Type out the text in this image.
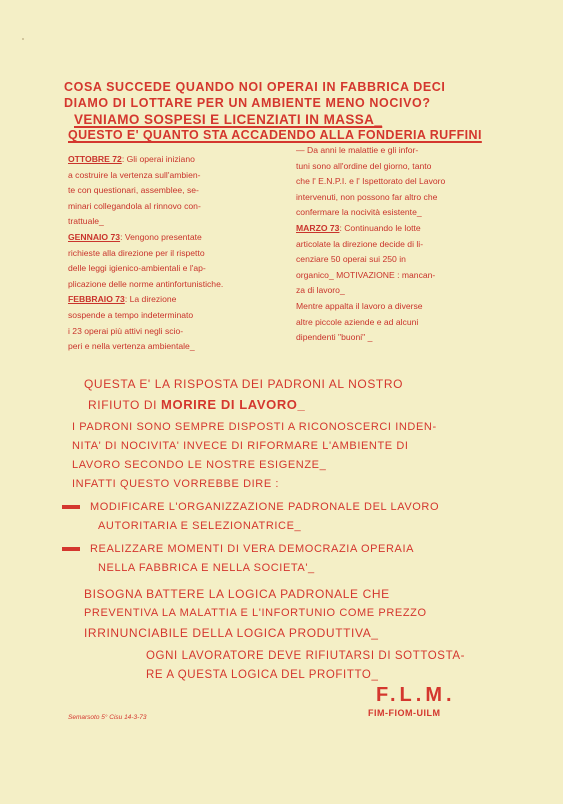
COSA SUCCEDE QUANDO NOI OPERAI IN FABBRICA DECI
DIAMO DI LOTTARE PER UN AMBIENTE MENO NOCIVO?
VENIAMO SOSPESI E LICENZIATI IN MASSA_
QUESTO E' QUANTO STA ACCADENDO ALLA FONDERIA RUFFINI
OTTOBRE 72: Gli operai iniziano
a costruire la vertenza sull'ambien-
te con questionari, assemblee, se-
minari collegandola al rinnovo con-
trattuale_
GENNAIO 73: Vengono presentate
richieste alla direzione per il rispetto
delle leggi igienico-ambientali e l'ap-
plicazione delle norme antinfortunistiche.
FEBBRAIO 73: La direzione
sospende a tempo indeterminato
i 23 operai più attivi negli scio-
peri e nella vertenza ambientale_
— Da anni le malattie e gli infor-
tuni sono all'ordine del giorno, tanto
che l' E.N.P.I. e l' Ispettorato del Lavoro
intervenuti, non possono far altro che
confermare la nocività esistente_
MARZO 73: Continuando le lotte
articolate la direzione decide di li-
cenziare 50 operai sui 250 in
organico_ MOTIVAZIONE : mancan-
za di lavoro_
Mentre appalta il lavoro a diverse
altre piccole aziende e ad alcuni
dipendenti "buoni" _
QUESTA E' LA RISPOSTA DEI PADRONI AL NOSTRO
RIFIUTO DI MORIRE DI LAVORO_
I PADRONI SONO SEMPRE DISPOSTI A RICONOSCERCI INDEN-
NITA' DI NOCIVITA' INVECE DI RIFORMARE L'AMBIENTE DI
LAVORO SECONDO LE NOSTRE ESIGENZE_
INFATTI QUESTO VORREBBE DIRE :
MODIFICARE L'ORGANIZZAZIONE PADRONALE DEL LAVORO
AUTORITARIA E SELEZIONATRICE_
REALIZZARE MOMENTI DI VERA DEMOCRAZIA OPERAIA
NELLA FABBRICA E NELLA SOCIETA'_
BISOGNA BATTERE LA LOGICA PADRONALE CHE
PREVENTIVA LA MALATTIA E L'INFORTUNIO COME PREZZO
IRRINUNCIABILE DELLA LOGICA PRODUTTIVA_
OGNI LAVORATORE DEVE RIFIUTARSI DI SOTTOSTA-
RE A QUESTA LOGICA DEL PROFITTO_
F.L.M.
FIM-FIOM-UILM
Semarsoto 5° Cisu 14-3-73
